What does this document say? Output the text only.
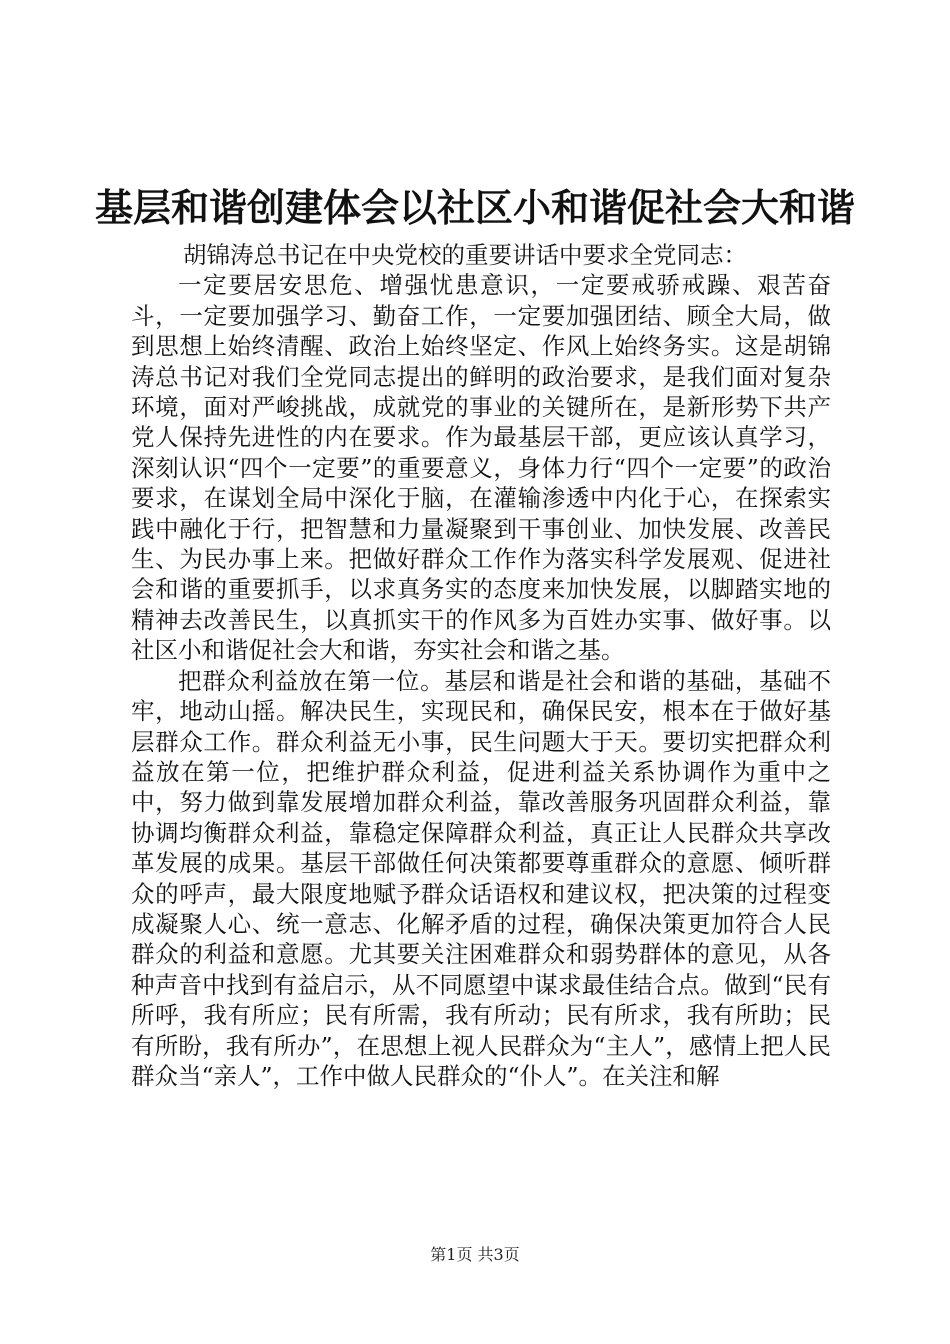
基层和谐创建体会以社区小和谐促社会大和谐

胡锦涛总书记在中央党校的重要讲话中要求全党同志：

一定要居安思危、增强忧患意识，一定要戒骄戒躁、艰苦奋斗，一定要加强学习、勤奋工作，一定要加强团结、顾全大局，做到思想上始终清醒、政治上始终坚定、作风上始终务实。这是胡锦涛总书记对我们全党同志提出的鲜明的政治要求，是我们面对复杂环境，面对严峻挑战，成就党的事业的关键所在，是新形势下共产党人保持先进性的内在要求。作为最基层干部，更应该认真学习，深刻认识“四个一定要”的重要意义，身体力行“四个一定要”的政治要求，在谋划全局中深化于脑，在灌输渗透中内化于心，在探索实践中融化于行，把智慧和力量凝聚到干事创业、加快发展、改善民生、为民办事上来。把做好群众工作作为落实科学发展观、促进社会和谐的重要抓手，以求真务实的态度来加快发展，以脚踏实地的精神去改善民生，以真抓实干的作风多为百姓办实事、做好事。以社区小和谐促社会大和谐，夯实社会和谐之基。

把群众利益放在第一位。基层和谐是社会和谐的基础，基础不牢，地动山摇。解决民生，实现民和，确保民安，根本在于做好基层群众工作。群众利益无小事，民生问题大于天。要切实把群众利益放在第一位，把维护群众利益，促进利益关系协调作为重中之中，努力做到靠发展增加群众利益，靠改善服务巩固群众利益，靠协调均衡群众利益，靠稳定保障群众利益，真正让人民群众共享改革发展的成果。基层干部做任何决策都要尊重群众的意愿、倾听群众的呼声，最大限度地赋予群众话语权和建议权，把决策的过程变成凝聚人心、统一意志、化解矛盾的过程，确保决策更加符合人民群众的利益和意愿。尤其要关注困难群众和弱势群体的意见，从各种声音中找到有益启示，从不同愿望中谋求最佳结合点。做到“民有所呼，我有所应；民有所需，我有所动；民有所求，我有所助；民有所盼，我有所办”，在思想上视人民群众为“主人”，感情上把人民群众当“亲人”，工作中做人民群众的“仆人”。在关注和解

第1页 共3页
